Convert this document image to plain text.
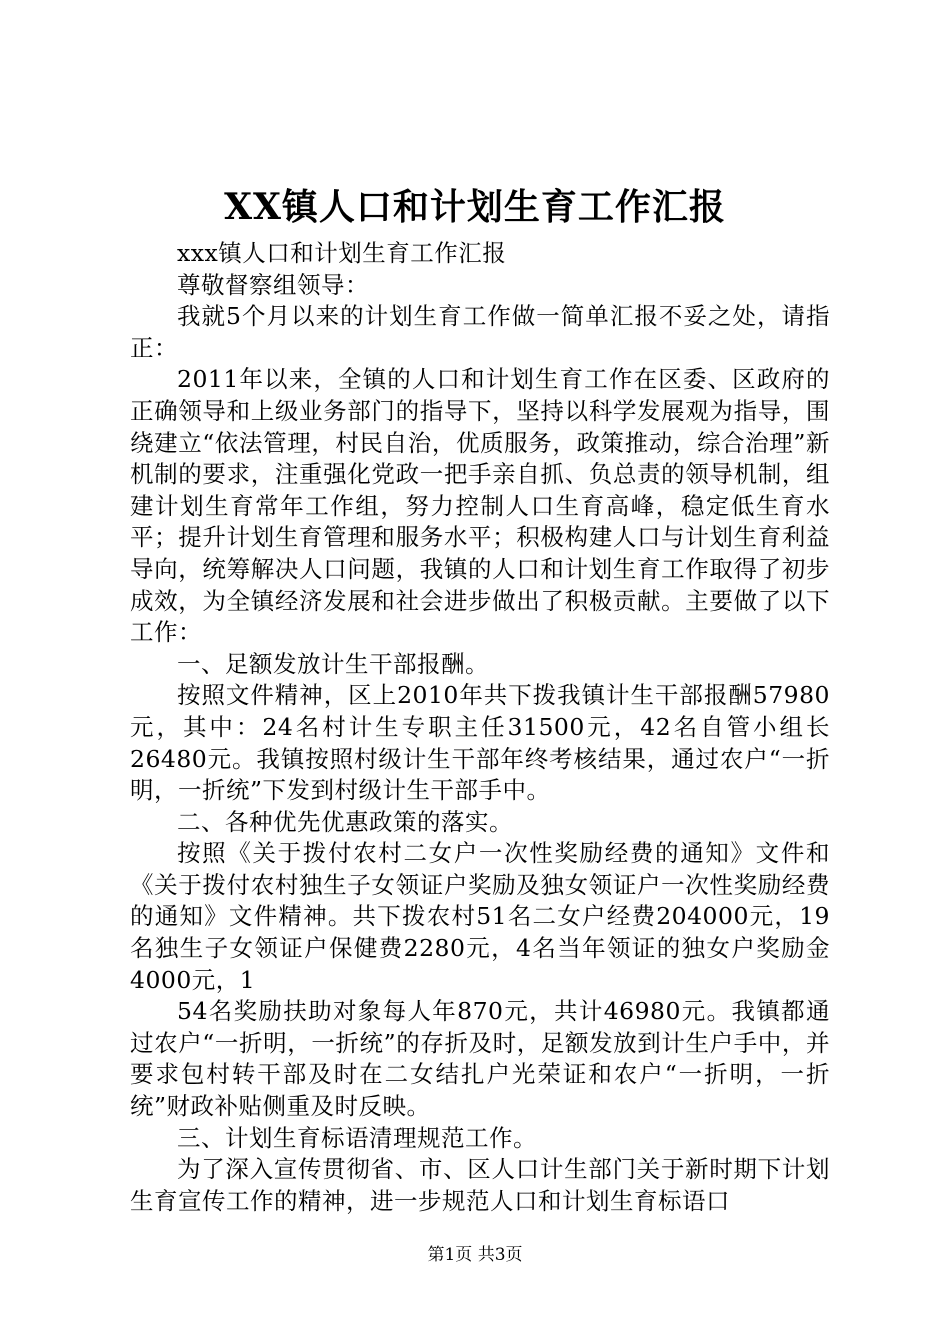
XX镇人口和计划生育工作汇报

xxx镇人口和计划生育工作汇报

尊敬督察组领导：

我就5个月以来的计划生育工作做一简单汇报不妥之处，请指正：

2011年以来，全镇的人口和计划生育工作在区委、区政府的正确领导和上级业务部门的指导下，坚持以科学发展观为指导，围绕建立“依法管理，村民自治，优质服务，政策推动，综合治理”新机制的要求，注重强化党政一把手亲自抓、负总责的领导机制，组建计划生育常年工作组，努力控制人口生育高峰，稳定低生育水平；提升计划生育管理和服务水平；积极构建人口与计划生育利益导向，统筹解决人口问题，我镇的人口和计划生育工作取得了初步成效，为全镇经济发展和社会进步做出了积极贡献。主要做了以下工作：

一、足额发放计生干部报酬。

按照文件精神，区上2010年共下拨我镇计生干部报酬57980元，其中：24名村计生专职主任31500元，42名自管小组长26480元。我镇按照村级计生干部年终考核结果，通过农户“一折明，一折统”下发到村级计生干部手中。

二、各种优先优惠政策的落实。

按照《关于拨付农村二女户一次性奖励经费的通知》文件和《关于拨付农村独生子女领证户奖励及独女领证户一次性奖励经费的通知》文件精神。共下拨农村51名二女户经费204000元，19名独生子女领证户保健费2280元，4名当年领证的独女户奖励金4000元，1

54名奖励扶助对象每人年870元，共计46980元。我镇都通过农户“一折明，一折统”的存折及时，足额发放到计生户手中，并要求包村转干部及时在二女结扎户光荣证和农户“一折明，一折统”财政补贴侧重及时反映。

三、计划生育标语清理规范工作。

为了深入宣传贯彻省、市、区人口计生部门关于新时期下计划生育宣传工作的精神，进一步规范人口和计划生育标语口

第1页 共3页
